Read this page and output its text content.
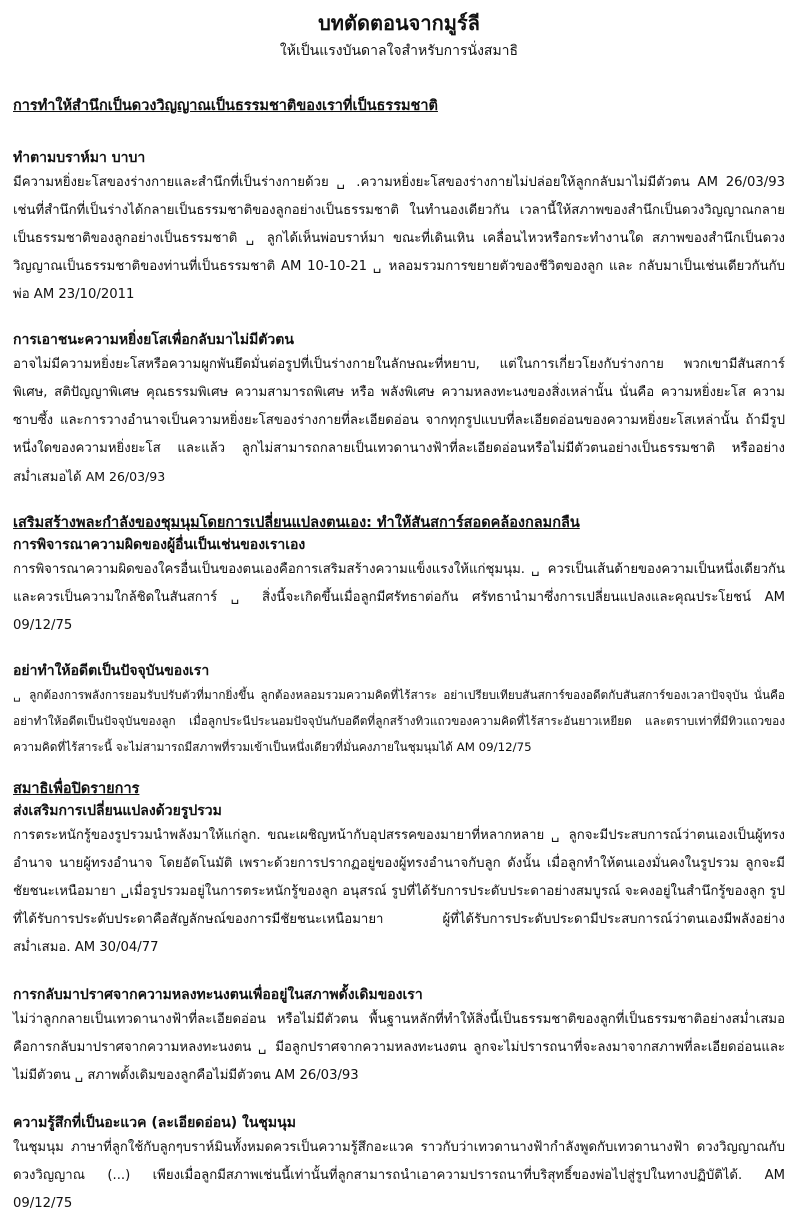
บทตัดตอนจากมูร์ลี

ให้เป็นแรงบันดาลใจสำหรับการนั่งสมาธิ

การทำให้สำนึกเป็นดวงวิญญาณเป็นธรรมชาติของเราที่เป็นธรรมชาติ
ทำตามบราห์มา บาบา

มีความหยิ่งยะโสของร่างกายและสำนึกที่เป็นร่างกายด้วย ␣ .ความหยิ่งยะโสของร่างกายไม่ปล่อยให้ลูกกลับมาไม่มีตัวตน AM 26/03/93 เช่นที่สำนึกที่เป็นร่างได้กลายเป็นธรรมชาติของลูกอย่างเป็นธรรมชาติ ในทำนองเดียวกัน เวลานี้ให้สภาพของสำนึกเป็นดวงวิญญาณกลายเป็นธรรมชาติของลูกอย่างเป็นธรรมชาติ ␣ ลูกได้เห็นพ่อบราห์มา ขณะที่เดินเหิน เคลื่อนไหวหรือกระทำงานใด สภาพของสำนึกเป็นดวงวิญญาณเป็นธรรมชาติของท่านที่เป็นธรรมชาติ AM 10-10-21 ␣ หลอมรวมการขยายตัวของชีวิตของลูก และ กลับมาเป็นเช่นเดียวกันกับพ่อ AM 23/10/2011

การเอาชนะความหยิ่งยโสเพื่อกลับมาไม่มีตัวตน

อาจไม่มีความหยิ่งยะโสหรือความผูกพันยึดมั่นต่อรูปที่เป็นร่างกายในลักษณะที่หยาบ, แต่ในการเกี่ยวโยงกับร่างกาย พวกเขามีสันสการ์พิเศษ, สติปัญญาพิเศษ คุณธรรมพิเศษ ความสามารถพิเศษ หรือ พลังพิเศษ ความหลงทะนงของสิ่งเหล่านั้น นั่นคือ ความหยิ่งยะโส ความซาบซึ้ง และการวางอำนาจเป็นความหยิ่งยะโสของร่างกายที่ละเอียดอ่อน จากทุกรูปแบบที่ละเอียดอ่อนของความหยิ่งยะโสเหล่านั้น ถ้ามีรูปหนึ่งใดของความหยิ่งยะโส และแล้ว ลูกไม่สามารถกลายเป็นเทวดานางฟ้าที่ละเอียดอ่อนหรือไม่มีตัวตนอย่างเป็นธรรมชาติ หรืออย่างสม่ำเสมอได้ AM 26/03/93

เสริมสร้างพละกำลังของชุมนุมโดยการเปลี่ยนแปลงตนเอง: ทำให้สันสการ์สอดคล้องกลมกลืน
การพิจารณาความผิดของผู้อื่นเป็นเช่นของเราเอง

การพิจารณาความผิดของใครอื่นเป็นของตนเองคือการเสริมสร้างความแข็งแรงให้แก่ชุมนุม. ␣ ควรเป็นเส้นด้ายของความเป็นหนึ่งเดียวกันและควรเป็นความใกล้ชิดในสันสการ์ ␣ สิ่งนี้จะเกิดขึ้นเมื่อลูกมีศรัทธาต่อกัน ศรัทธานำมาซึ่งการเปลี่ยนแปลงและคุณประโยชน์ AM 09/12/75

อย่าทำให้อดีตเป็นปัจจุบันของเรา

␣ ลูกต้องการพลังการยอมรับปรับตัวที่มากยิ่งขึ้น ลูกต้องหลอมรวมความคิดที่ไร้สาระ อย่าเปรียบเทียบสันสการ์ของอดีตกับสันสการ์ของเวลาปัจจุบัน นั่นคือ อย่าทำให้อดีตเป็นปัจจุบันของลูก เมื่อลูกประนีประนอมปัจจุบันกับอดีตที่ลูกสร้างทิวแถวของความคิดที่ไร้สาระอันยาวเหยียด และตราบเท่าที่มีทิวแถวของความคิดที่ไร้สาระนี้ จะไม่สามารถมีสภาพที่รวมเข้าเป็นหนึ่งเดียวที่มั่นคงภายในชุมนุมได้ AM 09/12/75

สมาธิเพื่อปิดรายการ
ส่งเสริมการเปลี่ยนแปลงด้วยรูปรวม

การตระหนักรู้ของรูปรวมนำพลังมาให้แก่ลูก. ขณะเผชิญหน้ากับอุปสรรคของมายาที่หลากหลาย ␣ ลูกจะมีประสบการณ์ว่าตนเองเป็นผู้ทรงอำนาจ นายผู้ทรงอำนาจ โดยอัตโนมัติ เพราะด้วยการปรากฏอยู่ของผู้ทรงอำนาจกับลูก ดังนั้น เมื่อลูกทำให้ตนเองมั่นคงในรูปรวม ลูกจะมีชัยชนะเหนือมายา ␣เมื่อรูปรวมอยู่ในการตระหนักรู้ของลูก อนุสรณ์ รูปที่ได้รับการประดับประดาอย่างสมบูรณ์ จะคงอยู่ในสำนึกรู้ของลูก รูปที่ได้รับการประดับประดาคือสัญลักษณ์ของการมีชัยชนะเหนือมายา ผู้ที่ได้รับการประดับประดามีประสบการณ์ว่าตนเองมีพลังอย่างสม่ำเสมอ. AM 30/04/77

การกลับมาปราศจากความหลงทะนงตนเพื่ออยู่ในสภาพดั้งเดิมของเรา

ไม่ว่าลูกกลายเป็นเทวดานางฟ้าที่ละเอียดอ่อน หรือไม่มีตัวตน พื้นฐานหลักที่ทำให้สิ่งนี้เป็นธรรมชาติของลูกที่เป็นธรรมชาติอย่างสม่ำเสมอคือการกลับมาปราศจากความหลงทะนงตน ␣ มีอลูกปราศจากความหลงทะนงตน ลูกจะไม่ปรารถนาที่จะลงมาจากสภาพที่ละเอียดอ่อนและไม่มีตัวตน ␣ สภาพดั้งเดิมของลูกคือไม่มีตัวตน AM 26/03/93

ความรู้สึกที่เป็นอะแวค (ละเอียดอ่อน) ในชุมนุม

ในชุมนุม ภาษาที่ลูกใช้กับลูกๆบราห์มินทั้งหมดควรเป็นความรู้สึกอะแวค ราวกับว่าเทวดานางฟ้ากำลังพูดกับเทวดานางฟ้า ดวงวิญญาณกับดวงวิญญาณ (...) เพียงเมื่อลูกมีสภาพเช่นนี้เท่านั้นที่ลูกสามารถนำเอาความปรารถนาที่บริสุทธิ์ของพ่อไปสู่รูปในทางปฏิบัติได้. AM 09/12/75
